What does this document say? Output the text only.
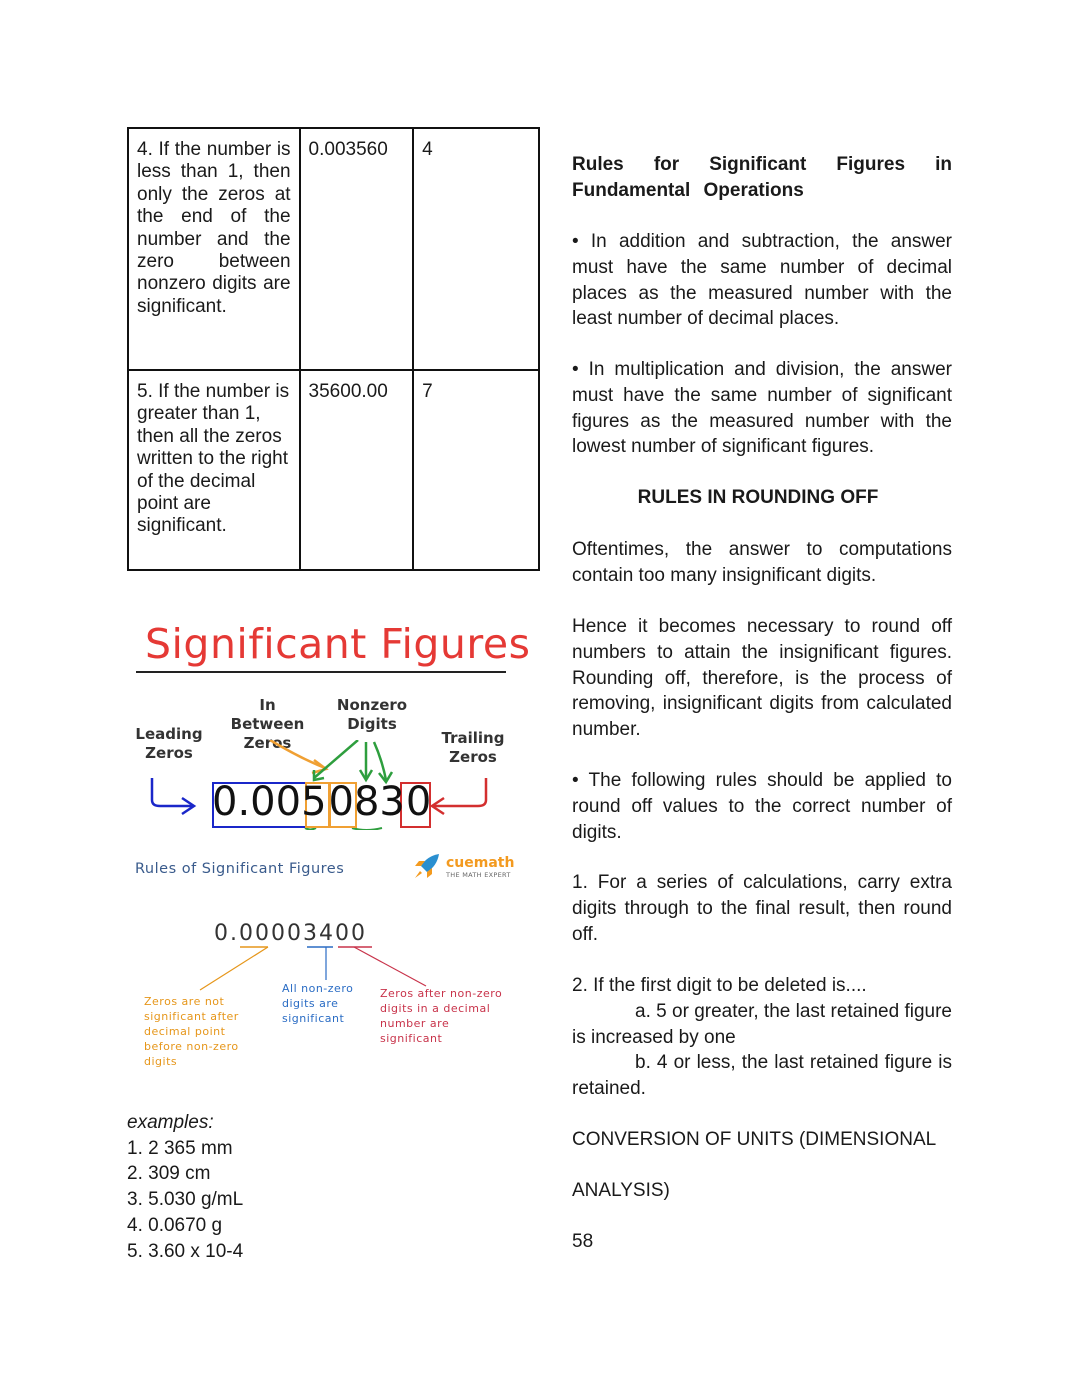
4. If the number is less than 1, then only the zeros at the end of the number and the zero between nonzero digits are significant.	0.003560	4
5. If the number is greater than 1, then all the zeros written to the right of the decimal point are significant.	35600.00	7
Significant Figures
Leading Zeros
In Between Zeros
Nonzero Digits
Trailing Zeros
0.0050830
Rules of Significant Figures	cuemath
THE MATH EXPERT
0.00003400
Zeros are not significant after decimal point before non-zero digits
All non-zero digits are significant
Zeros after non-zero digits in a decimal number are significant
examples:
1. 2 365 mm
2. 309 cm
3. 5.030 g/mL
4. 0.0670 g
5. 3.60 x 10-4
Rules for Significant Figures in Fundamental Operations
• In addition and subtraction, the answer must have the same number of decimal places as the measured number with the least number of decimal places.
• In multiplication and division, the answer must have the same number of significant figures as the measured number with the lowest number of significant figures.
RULES IN ROUNDING OFF
Oftentimes, the answer to computations contain too many insignificant digits.
Hence it becomes necessary to round off numbers to attain the insignificant figures. Rounding off, therefore, is the process of removing, insignificant digits from calculated number.
• The following rules should be applied to round off values to the correct number of digits.
1. For a series of calculations, carry extra digits through to the final result, then round off.
2. If the first digit to be deleted is....
a. 5 or greater, the last retained figure is increased by one
b. 4 or less, the last retained figure is retained.
CONVERSION OF UNITS (DIMENSIONAL
ANALYSIS)
58
